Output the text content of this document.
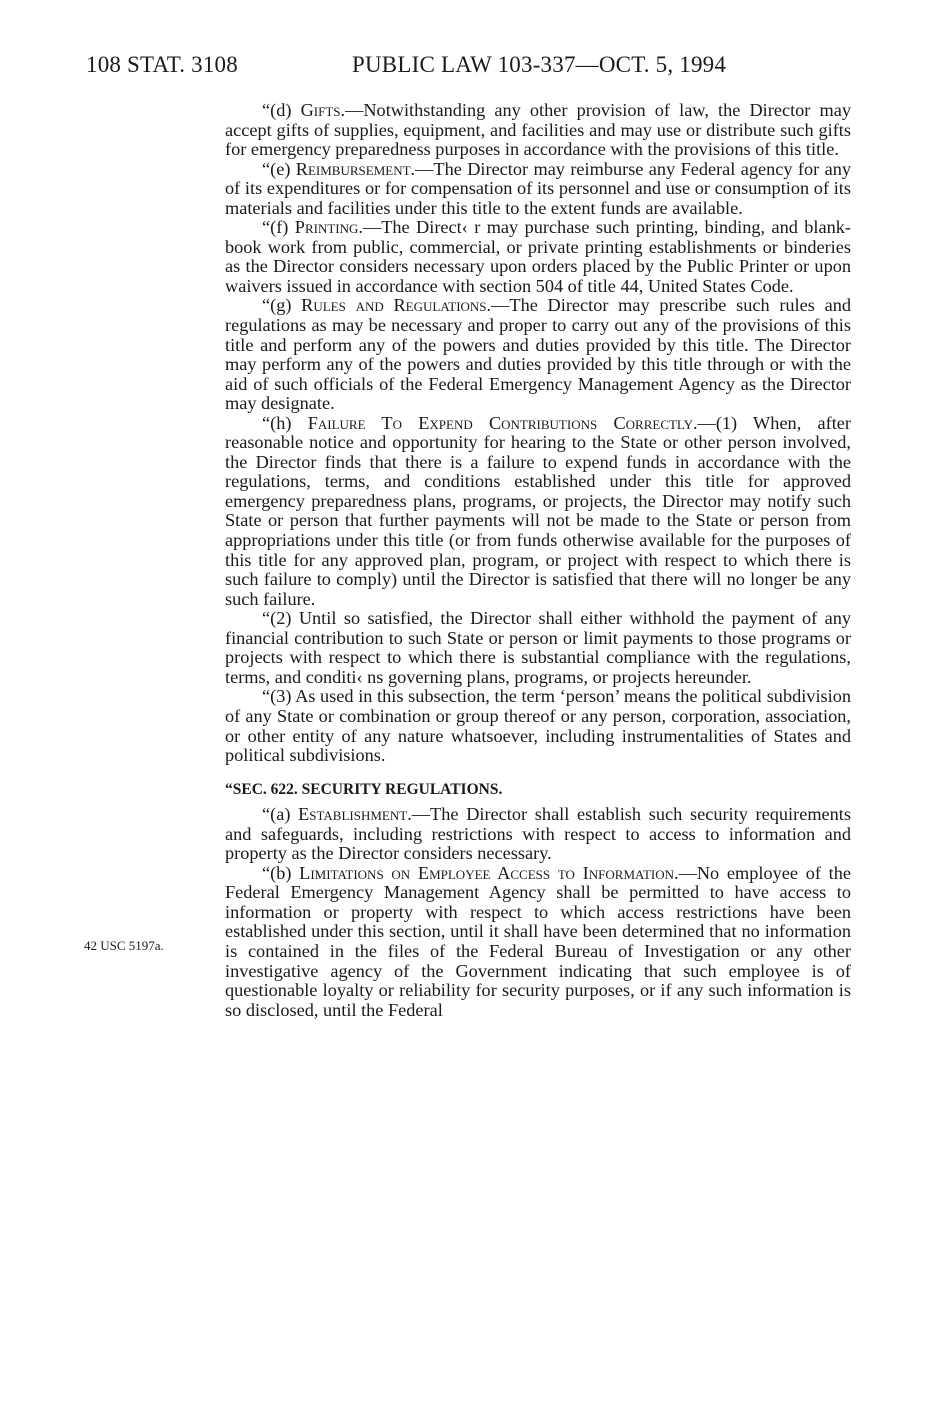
108 STAT. 3108	PUBLIC LAW 103-337—OCT. 5, 1994
42 USC 5197a.

“(d) Gifts.—Notwithstanding any other provision of law, the Director may accept gifts of supplies, equipment, and facilities and may use or distribute such gifts for emergency preparedness purposes in accordance with the provisions of this title.

“(e) Reimbursement.—The Director may reimburse any Federal agency for any of its expenditures or for compensation of its personnel and use or consumption of its materials and facilities under this title to the extent funds are available.

“(f) Printing.—The Direct‹ r may purchase such printing, binding, and blank-book work from public, commercial, or private printing establishments or binderies as the Director considers necessary upon orders placed by the Public Printer or upon waivers issued in accordance with section 504 of title 44, United States Code.

“(g) Rules and Regulations.—The Director may prescribe such rules and regulations as may be necessary and proper to carry out any of the provisions of this title and perform any of the powers and duties provided by this title. The Director may perform any of the powers and duties provided by this title through or with the aid of such officials of the Federal Emergency Management Agency as the Director may designate.

“(h) Failure To Expend Contributions Correctly.—(1) When, after reasonable notice and opportunity for hearing to the State or other person involved, the Director finds that there is a failure to expend funds in accordance with the regulations, terms, and conditions established under this title for approved emergency preparedness plans, programs, or projects, the Director may notify such State or person that further payments will not be made to the State or person from appropriations under this title (or from funds otherwise available for the purposes of this title for any approved plan, program, or project with respect to which there is such failure to comply) until the Director is satisfied that there will no longer be any such failure.

“(2) Until so satisfied, the Director shall either withhold the payment of any financial contribution to such State or person or limit payments to those programs or projects with respect to which there is substantial compliance with the regulations, terms, and conditi‹ ns governing plans, programs, or projects hereunder.

“(3) As used in this subsection, the term ‘person’ means the political subdivision of any State or combination or group thereof or any person, corporation, association, or other entity of any nature whatsoever, including instrumentalities of States and political subdivisions.

“SEC. 622. SECURITY REGULATIONS.

“(a) Establishment.—The Director shall establish such security requirements and safeguards, including restrictions with respect to access to information and property as the Director considers necessary.

“(b) Limitations on Employee Access to Information.—No employee of the Federal Emergency Management Agency shall be permitted to have access to information or property with respect to which access restrictions have been established under this section, until it shall have been determined that no information is contained in the files of the Federal Bureau of Investigation or any other investigative agency of the Government indicating that such employee is of questionable loyalty or reliability for security purposes, or if any such information is so disclosed, until the Federal
